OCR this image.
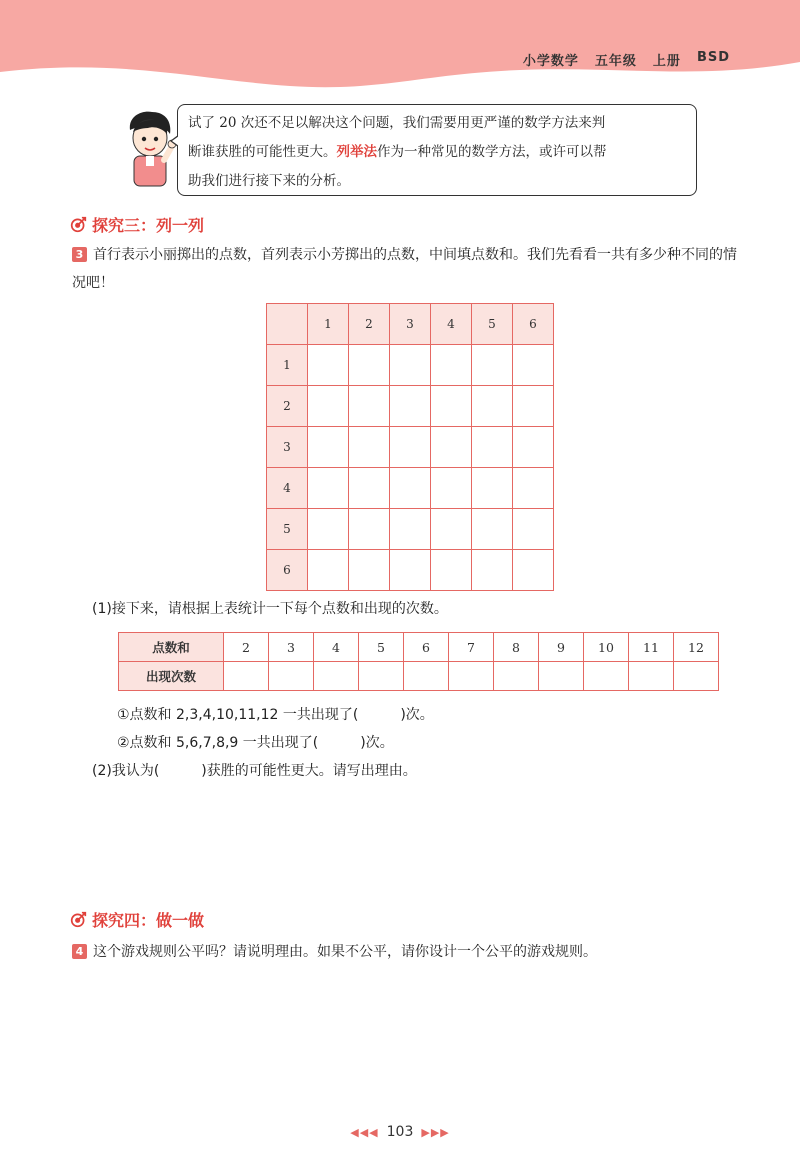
小学数学 五年级 上册 BSD
试了 20 次还不足以解决这个问题，我们需要用更严谨的数学方法来判
断谁获胜的可能性更大。列举法作为一种常见的数学方法，或许可以帮
助我们进行接下来的分析。
探究三：列一列
3 首行表示小丽掷出的点数，首列表示小芳掷出的点数，中间填点数和。我们先看看一共有多少种不同的情况吧！
	1	2	3	4	5	6
1						
2						
3						
4						
5						
6						
(1)接下来，请根据上表统计一下每个点数和出现的次数。
点数和	2	3	4	5	6	7	8	9	10	11	12
出现次数											
①点数和 2,3,4,10,11,12 一共出现了(　　　)次。
②点数和 5,6,7,8,9 一共出现了(　　　)次。
(2)我认为(　　　)获胜的可能性更大。请写出理由。
探究四：做一做
4 这个游戏规则公平吗？请说明理由。如果不公平，请你设计一个公平的游戏规则。
◀◀◀ 103 ▶▶▶
